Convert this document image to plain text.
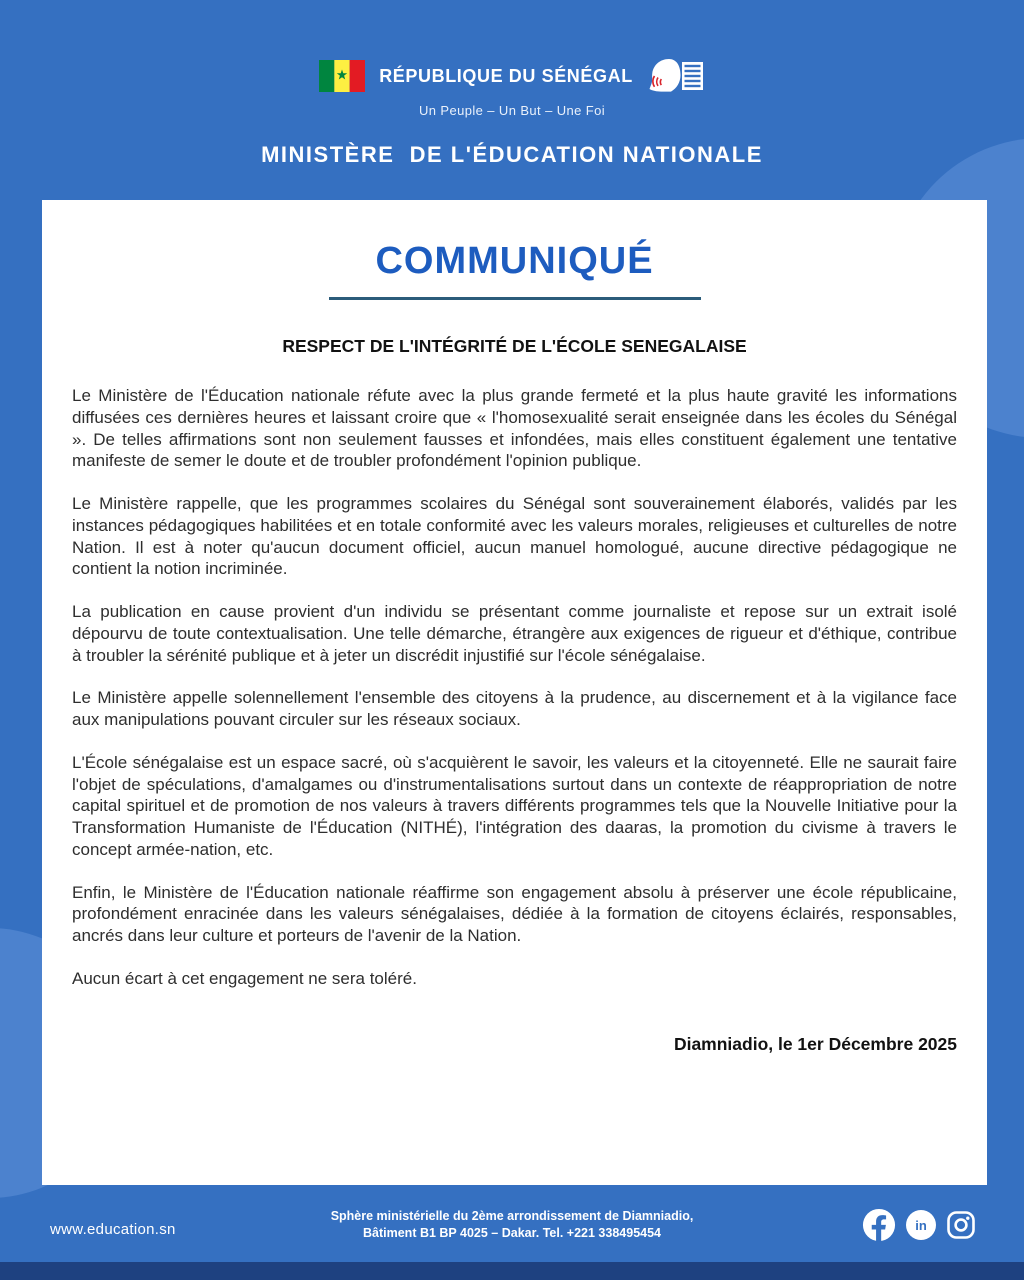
RÉPUBLIQUE DU SÉNÉGAL
Un Peuple – Un But – Une Foi
MINISTÈRE  DE L'ÉDUCATION NATIONALE
COMMUNIQUÉ
RESPECT DE L'INTÉGRITÉ DE L'ÉCOLE SENEGALAISE

Le Ministère de l'Éducation nationale réfute avec la plus grande fermeté et la plus haute gravité les informations diffusées ces dernières heures et laissant croire que « l'homosexualité serait enseignée dans les écoles du Sénégal ». De telles affirmations sont non seulement fausses et infondées, mais elles constituent également une tentative manifeste de semer le doute et de troubler profondément l'opinion publique.

Le Ministère rappelle, que les programmes scolaires du Sénégal sont souverainement élaborés, validés par les instances pédagogiques habilitées et en totale conformité avec les valeurs morales, religieuses et culturelles de notre Nation. Il est à noter qu'aucun document officiel, aucun manuel homologué, aucune directive pédagogique ne contient la notion incriminée.

La publication en cause provient d'un individu se présentant comme journaliste et repose sur un extrait isolé dépourvu de toute contextualisation. Une telle démarche, étrangère aux exigences de rigueur et d'éthique, contribue à troubler la sérénité publique et à jeter un discrédit injustifié sur l'école sénégalaise.

Le Ministère appelle solennellement l'ensemble des citoyens à la prudence, au discernement et à la vigilance face aux manipulations pouvant circuler sur les réseaux sociaux.

L'École sénégalaise est un espace sacré, où s'acquièrent le savoir, les valeurs et la citoyenneté. Elle ne saurait faire l'objet de spéculations, d'amalgames ou d'instrumentalisations surtout dans un contexte de réappropriation de notre capital spirituel et de promotion de nos valeurs à travers différents programmes tels que la Nouvelle Initiative pour la Transformation Humaniste de l'Éducation (NITHÉ), l'intégration des daaras, la promotion du civisme à travers le concept armée-nation, etc.

Enfin, le Ministère de l'Éducation nationale réaffirme son engagement absolu à préserver une école républicaine, profondément enracinée dans les valeurs sénégalaises, dédiée à la formation de citoyens éclairés, responsables, ancrés dans leur culture et porteurs de l'avenir de la Nation.

Aucun écart à cet engagement ne sera toléré.

Diamniadio, le 1er Décembre 2025
www.education.sn
Sphère ministérielle du 2ème arrondissement de Diamniadio,
Bâtiment B1 BP 4025 – Dakar. Tel. +221 338495454	in
